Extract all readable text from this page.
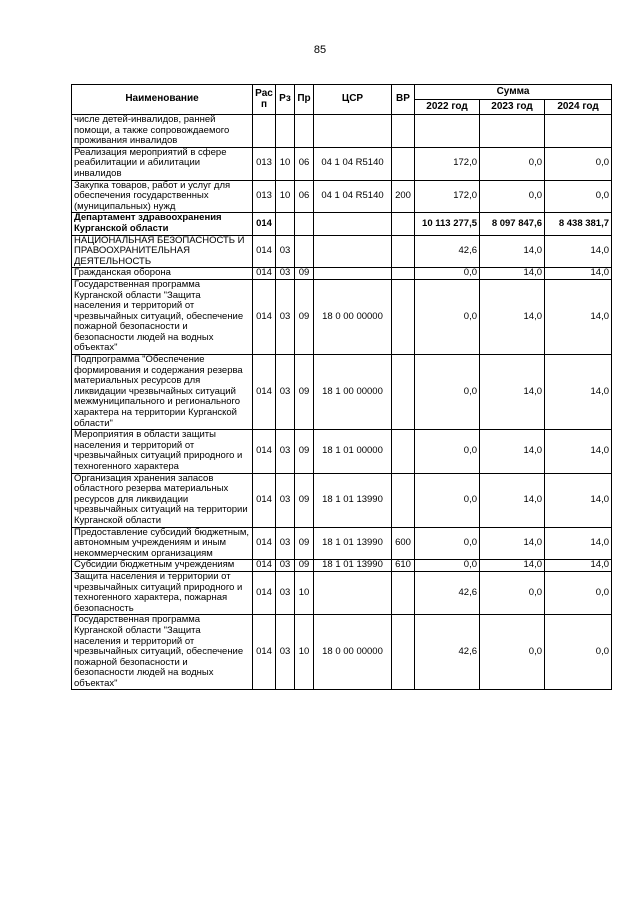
85
Наименование	Рас п	Рз	Пр	ЦСР	ВР	Сумма		
						2022 год	2023 год	2024 год
числе детей-инвалидов, ранней помощи, а также сопровождаемого проживания инвалидов								
Реализация мероприятий в сфере реабилитации и абилитации инвалидов	013	10	06	04 1 04 R5140		172,0	0,0	0,0
Закупка товаров, работ и услуг для обеспечения государственных (муниципальных) нужд	013	10	06	04 1 04 R5140	200	172,0	0,0	0,0
Департамент здравоохранения Курганской области	014					10 113 277,5	8 097 847,6	8 438 381,7
НАЦИОНАЛЬНАЯ БЕЗОПАСНОСТЬ И ПРАВООХРАНИТЕЛЬНАЯ ДЕЯТЕЛЬНОСТЬ	014	03				42,6	14,0	14,0
Гражданская оборона	014	03	09			0,0	14,0	14,0
Государственная программа Курганской области "Защита населения и территорий от чрезвычайных ситуаций, обеспечение пожарной безопасности и безопасности людей на водных объектах"	014	03	09	18 0 00 00000		0,0	14,0	14,0
Подпрограмма "Обеспечение формирования и содержания резерва материальных ресурсов для ликвидации чрезвычайных ситуаций межмуниципального и регионального характера на территории Курганской области"	014	03	09	18 1 00 00000		0,0	14,0	14,0
Мероприятия в области защиты населения и территорий от чрезвычайных ситуаций природного и техногенного характера	014	03	09	18 1 01 00000		0,0	14,0	14,0
Организация хранения запасов областного резерва материальных ресурсов для ликвидации чрезвычайных ситуаций на территории Курганской области	014	03	09	18 1 01 13990		0,0	14,0	14,0
Предоставление субсидий бюджетным, автономным учреждениям и иным некоммерческим организациям	014	03	09	18 1 01 13990	600	0,0	14,0	14,0
Субсидии бюджетным учреждениям	014	03	09	18 1 01 13990	610	0,0	14,0	14,0
Защита населения и территории от чрезвычайных ситуаций природного и техногенного характера, пожарная безопасность	014	03	10			42,6	0,0	0,0
Государственная программа Курганской области "Защита населения и территорий от чрезвычайных ситуаций, обеспечение пожарной безопасности и безопасности людей на водных объектах"	014	03	10	18 0 00 00000		42,6	0,0	0,0
